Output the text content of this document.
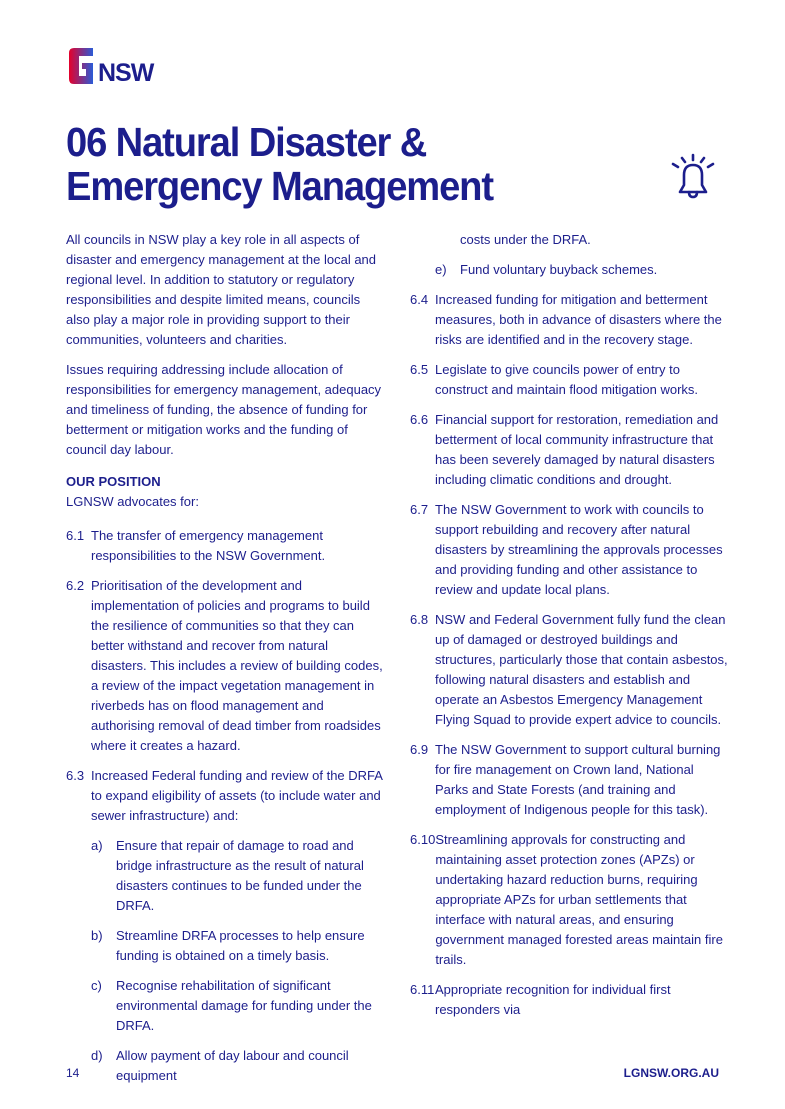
NSW
06 Natural Disaster &
Emergency Management

All councils in NSW play a key role in all aspects of disaster and emergency management at the local and regional level. In addition to statutory or regulatory responsibilities and despite limited means, councils also play a major role in providing support to their communities, volunteers and charities.

Issues requiring addressing include allocation of responsibilities for emergency management, adequacy and timeliness of funding, the absence of funding for betterment or mitigation works and the funding of council day labour.

OUR POSITION
LGNSW advocates for:
6.1 The transfer of emergency management responsibilities to the NSW Government.
6.2 Prioritisation of the development and implementation of policies and programs to build the resilience of communities so that they can better withstand and recover from natural disasters. This includes a review of building codes, a review of the impact vegetation management in riverbeds has on flood management and authorising removal of dead timber from roadsides where it creates a hazard.
6.3 Increased Federal funding and review of the DRFA to expand eligibility of assets (to include water and sewer infrastructure) and:
a)	Ensure that repair of damage to road and bridge infrastructure as the result of natural disasters continues to be funded under the DRFA.
b)	Streamline DRFA processes to help ensure funding is obtained on a timely basis.
c)	Recognise rehabilitation of significant environmental damage for funding under the DRFA.
d)	Allow payment of day labour and council equipment
costs under the DRFA.
e)	Fund voluntary buyback schemes.
6.4 Increased funding for mitigation and betterment measures, both in advance of disasters where the risks are identified and in the recovery stage.
6.5 Legislate to give councils power of entry to construct and maintain flood mitigation works.
6.6 Financial support for restoration, remediation and betterment of local community infrastructure that has been severely damaged by natural disasters including climatic conditions and drought.
6.7 The NSW Government to work with councils to support rebuilding and recovery after natural disasters by streamlining the approvals processes and providing funding and other assistance to review and update local plans.
6.8 NSW and Federal Government fully fund the clean up of damaged or destroyed buildings and structures, particularly those that contain asbestos, following natural disasters and establish and operate an Asbestos Emergency Management Flying Squad to provide expert advice to councils.
6.9 The NSW Government to support cultural burning for fire management on Crown land, National Parks and State Forests (and training and employment of Indigenous people for this task).
6.10 Streamlining approvals for constructing and maintaining asset protection zones (APZs) or undertaking hazard reduction burns, requiring appropriate APZs for urban settlements that interface with natural areas, and ensuring government managed forested areas maintain fire trails.
6.11 Appropriate recognition for individual first responders via
14	LGNSW.ORG.AU
